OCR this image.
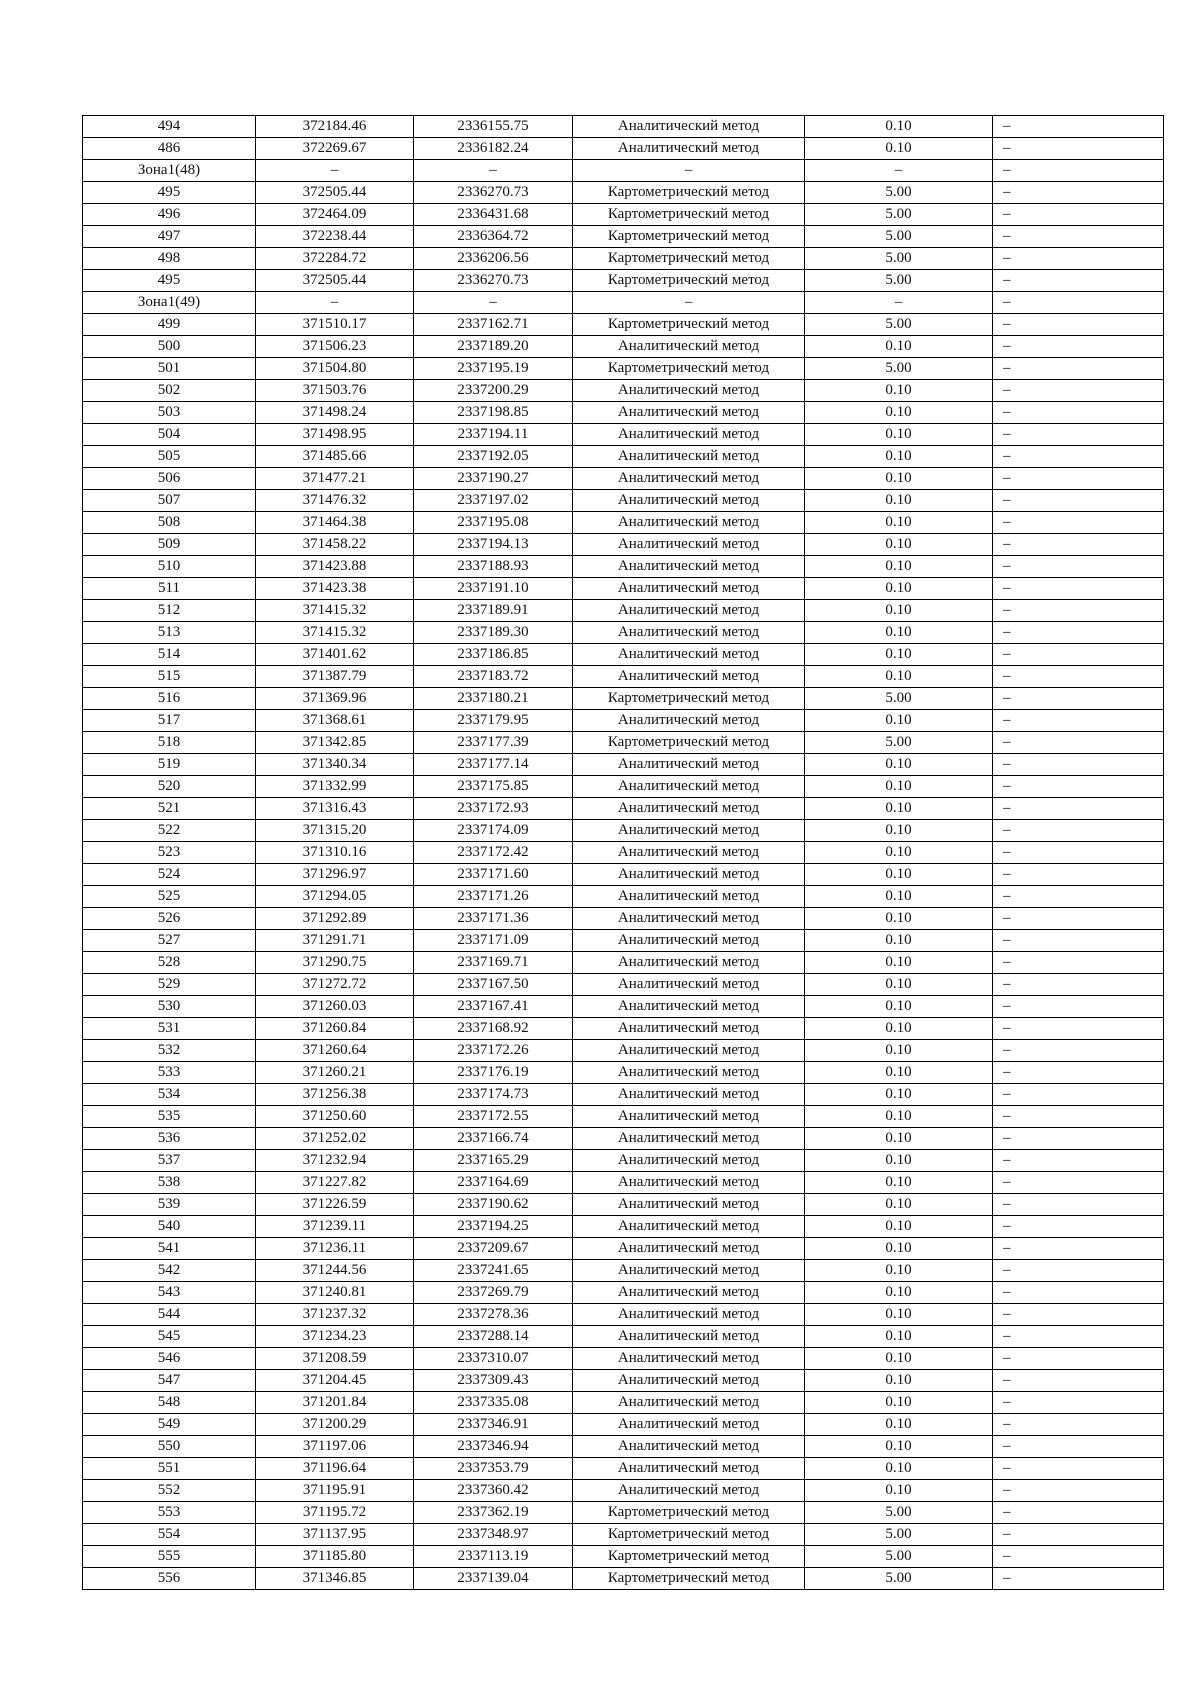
494	372184.46	2336155.75	Аналитический метод	0.10	–
486	372269.67	2336182.24	Аналитический метод	0.10	–
Зона1(48)	–	–	–	–	–
495	372505.44	2336270.73	Картометрический метод	5.00	–
496	372464.09	2336431.68	Картометрический метод	5.00	–
497	372238.44	2336364.72	Картометрический метод	5.00	–
498	372284.72	2336206.56	Картометрический метод	5.00	–
495	372505.44	2336270.73	Картометрический метод	5.00	–
Зона1(49)	–	–	–	–	–
499	371510.17	2337162.71	Картометрический метод	5.00	–
500	371506.23	2337189.20	Аналитический метод	0.10	–
501	371504.80	2337195.19	Картометрический метод	5.00	–
502	371503.76	2337200.29	Аналитический метод	0.10	–
503	371498.24	2337198.85	Аналитический метод	0.10	–
504	371498.95	2337194.11	Аналитический метод	0.10	–
505	371485.66	2337192.05	Аналитический метод	0.10	–
506	371477.21	2337190.27	Аналитический метод	0.10	–
507	371476.32	2337197.02	Аналитический метод	0.10	–
508	371464.38	2337195.08	Аналитический метод	0.10	–
509	371458.22	2337194.13	Аналитический метод	0.10	–
510	371423.88	2337188.93	Аналитический метод	0.10	–
511	371423.38	2337191.10	Аналитический метод	0.10	–
512	371415.32	2337189.91	Аналитический метод	0.10	–
513	371415.32	2337189.30	Аналитический метод	0.10	–
514	371401.62	2337186.85	Аналитический метод	0.10	–
515	371387.79	2337183.72	Аналитический метод	0.10	–
516	371369.96	2337180.21	Картометрический метод	5.00	–
517	371368.61	2337179.95	Аналитический метод	0.10	–
518	371342.85	2337177.39	Картометрический метод	5.00	–
519	371340.34	2337177.14	Аналитический метод	0.10	–
520	371332.99	2337175.85	Аналитический метод	0.10	–
521	371316.43	2337172.93	Аналитический метод	0.10	–
522	371315.20	2337174.09	Аналитический метод	0.10	–
523	371310.16	2337172.42	Аналитический метод	0.10	–
524	371296.97	2337171.60	Аналитический метод	0.10	–
525	371294.05	2337171.26	Аналитический метод	0.10	–
526	371292.89	2337171.36	Аналитический метод	0.10	–
527	371291.71	2337171.09	Аналитический метод	0.10	–
528	371290.75	2337169.71	Аналитический метод	0.10	–
529	371272.72	2337167.50	Аналитический метод	0.10	–
530	371260.03	2337167.41	Аналитический метод	0.10	–
531	371260.84	2337168.92	Аналитический метод	0.10	–
532	371260.64	2337172.26	Аналитический метод	0.10	–
533	371260.21	2337176.19	Аналитический метод	0.10	–
534	371256.38	2337174.73	Аналитический метод	0.10	–
535	371250.60	2337172.55	Аналитический метод	0.10	–
536	371252.02	2337166.74	Аналитический метод	0.10	–
537	371232.94	2337165.29	Аналитический метод	0.10	–
538	371227.82	2337164.69	Аналитический метод	0.10	–
539	371226.59	2337190.62	Аналитический метод	0.10	–
540	371239.11	2337194.25	Аналитический метод	0.10	–
541	371236.11	2337209.67	Аналитический метод	0.10	–
542	371244.56	2337241.65	Аналитический метод	0.10	–
543	371240.81	2337269.79	Аналитический метод	0.10	–
544	371237.32	2337278.36	Аналитический метод	0.10	–
545	371234.23	2337288.14	Аналитический метод	0.10	–
546	371208.59	2337310.07	Аналитический метод	0.10	–
547	371204.45	2337309.43	Аналитический метод	0.10	–
548	371201.84	2337335.08	Аналитический метод	0.10	–
549	371200.29	2337346.91	Аналитический метод	0.10	–
550	371197.06	2337346.94	Аналитический метод	0.10	–
551	371196.64	2337353.79	Аналитический метод	0.10	–
552	371195.91	2337360.42	Аналитический метод	0.10	–
553	371195.72	2337362.19	Картометрический метод	5.00	–
554	371137.95	2337348.97	Картометрический метод	5.00	–
555	371185.80	2337113.19	Картометрический метод	5.00	–
556	371346.85	2337139.04	Картометрический метод	5.00	–
